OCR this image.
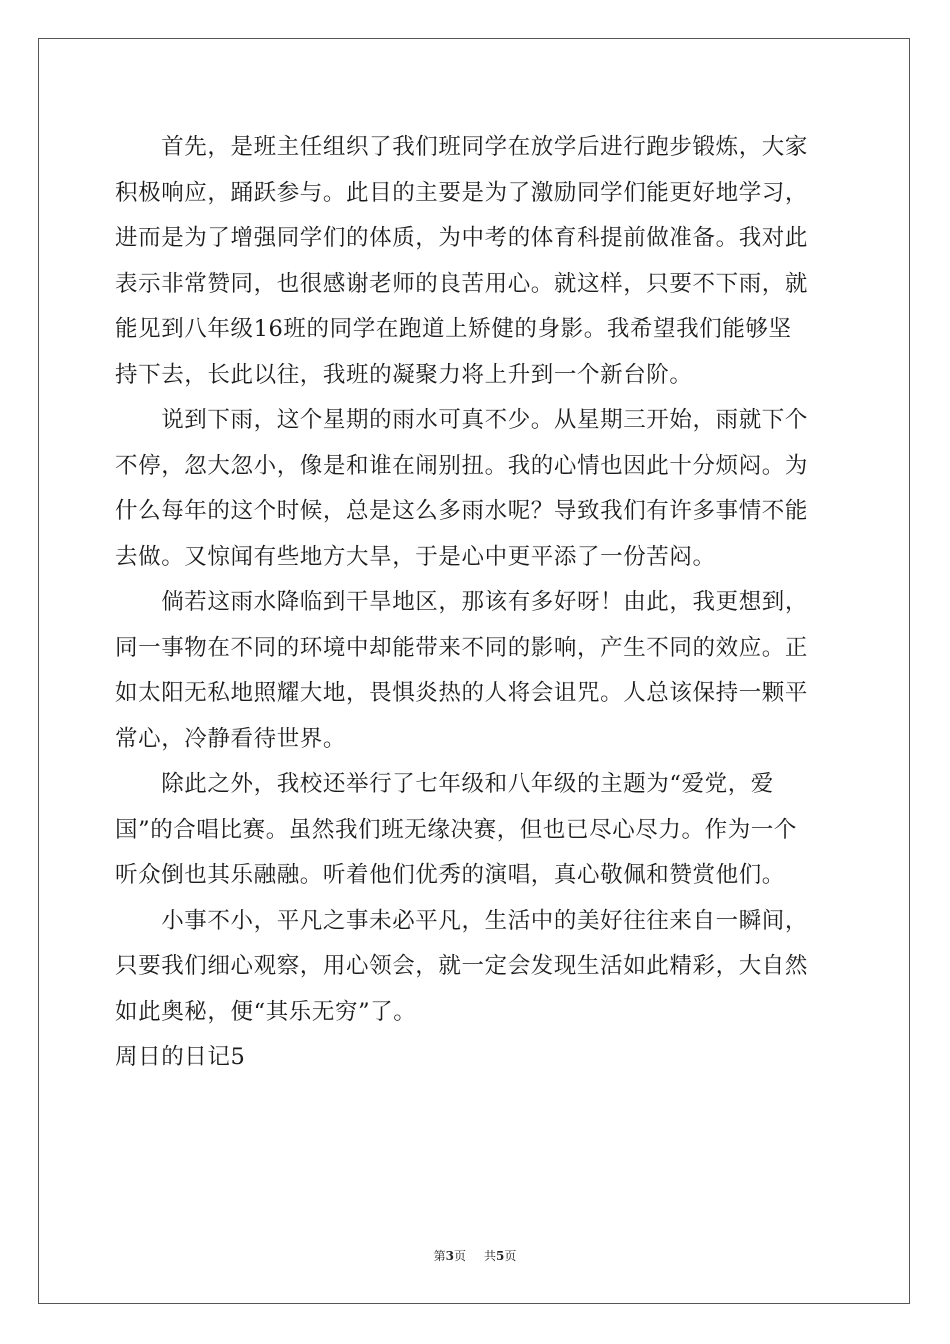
　　首先，是班主任组织了我们班同学在放学后进行跑步锻炼，大家
积极响应，踊跃参与。此目的主要是为了激励同学们能更好地学习，
进而是为了增强同学们的体质，为中考的体育科提前做准备。我对此
表示非常赞同，也很感谢老师的良苦用心。就这样，只要不下雨，就
能见到八年级16班的同学在跑道上矫健的身影。我希望我们能够坚
持下去，长此以往，我班的凝聚力将上升到一个新台阶。
　　说到下雨，这个星期的雨水可真不少。从星期三开始，雨就下个
不停，忽大忽小，像是和谁在闹别扭。我的心情也因此十分烦闷。为
什么每年的这个时候，总是这么多雨水呢？导致我们有许多事情不能
去做。又惊闻有些地方大旱，于是心中更平添了一份苦闷。
　　倘若这雨水降临到干旱地区，那该有多好呀！由此，我更想到，
同一事物在不同的环境中却能带来不同的影响，产生不同的效应。正
如太阳无私地照耀大地，畏惧炎热的人将会诅咒。人总该保持一颗平
常心，冷静看待世界。
　　除此之外，我校还举行了七年级和八年级的主题为“爱党，爱
国”的合唱比赛。虽然我们班无缘决赛，但也已尽心尽力。作为一个
听众倒也其乐融融。听着他们优秀的演唱，真心敬佩和赞赏他们。
　　小事不小，平凡之事未必平凡，生活中的美好往往来自一瞬间，
只要我们细心观察，用心领会，就一定会发现生活如此精彩，大自然
如此奥秘，便“其乐无穷”了。
周日的日记5
第3页 共5页
